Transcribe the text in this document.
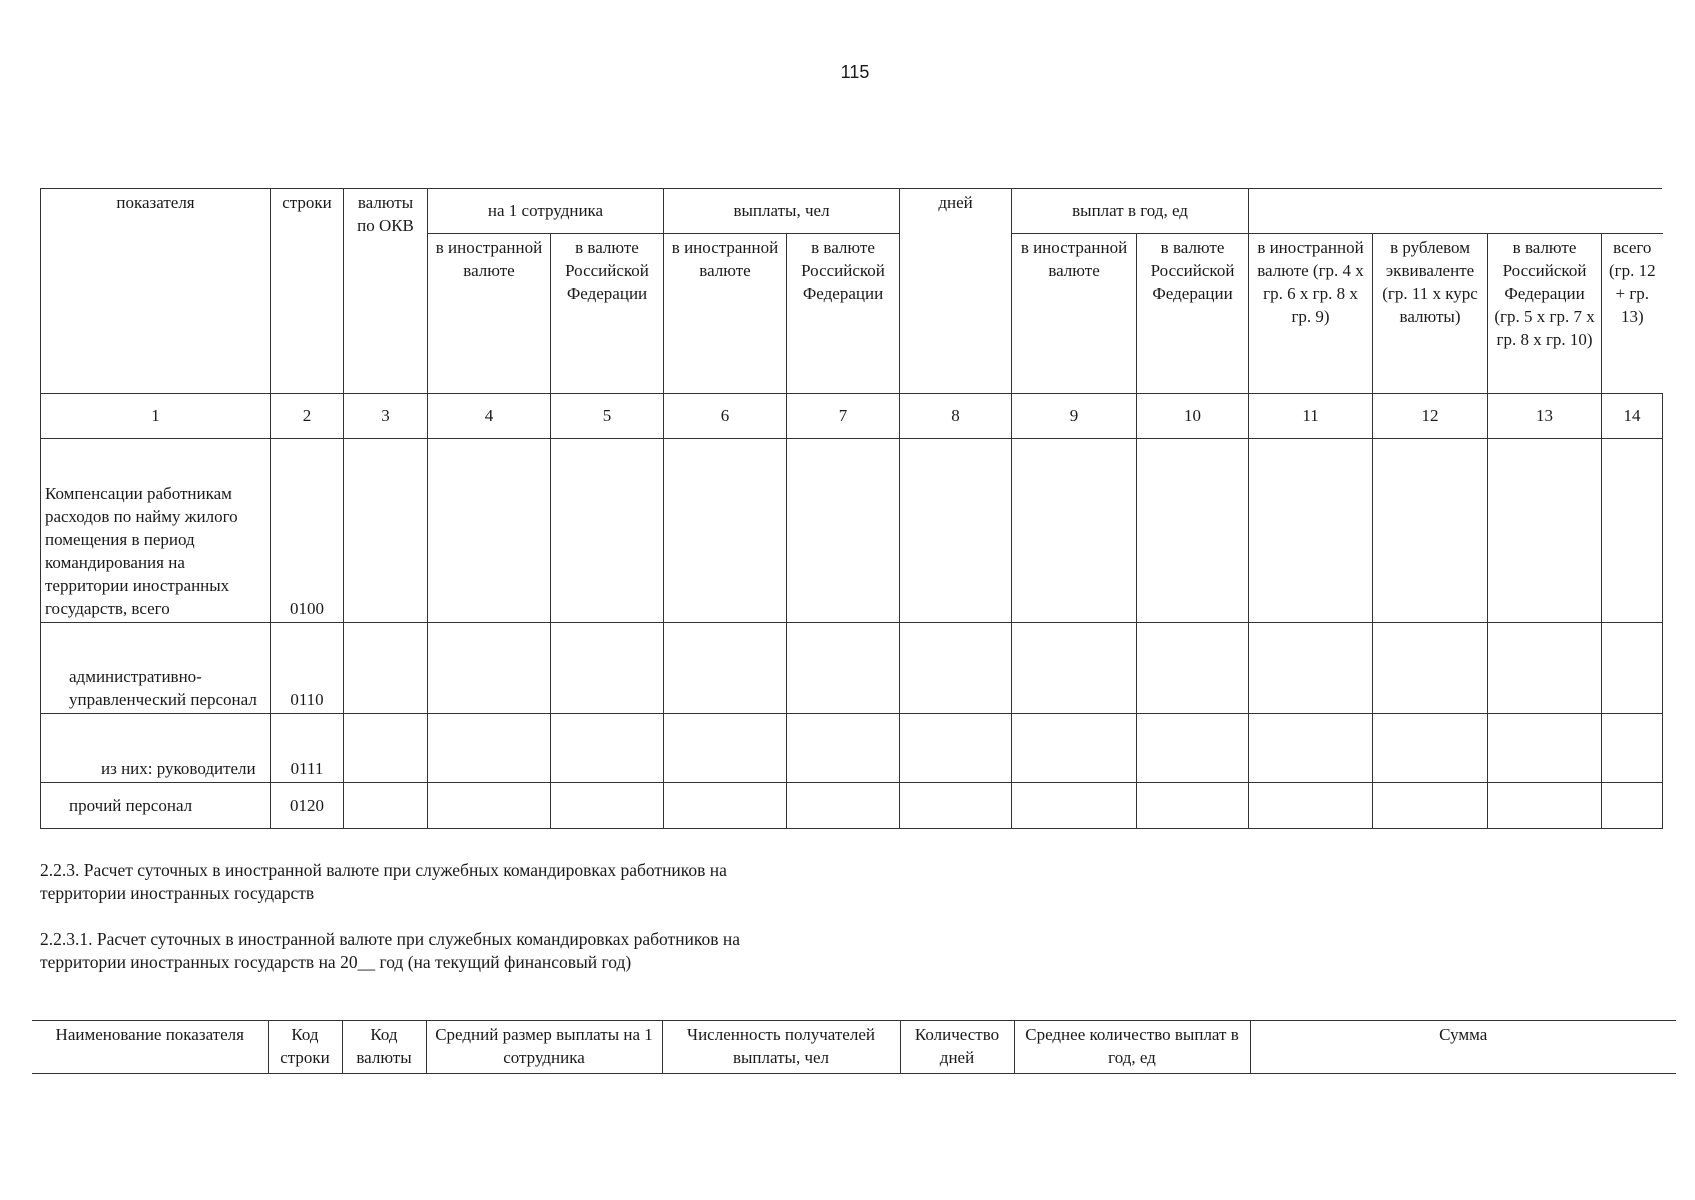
115
показателя	строки	валюты по ОКВ	на 1 сотрудника		выплаты, чел		дней	выплат в год, ед					
			в иностранной валюте	в валюте Российской Федерации	в иностранной валюте	в валюте Российской Федерации		в иностранной валюте	в валюте Российской Федерации	в иностранной валюте (гр. 4 x гр. 6 x гр. 8 x гр. 9)	в рублевом эквиваленте (гр. 11 x курс валюты)	в валюте Российской Федерации (гр. 5 x гр. 7 x гр. 8 x гр. 10)	всего (гр. 12 + гр. 13)
1	2	3	4	5	6	7	8	9	10	11	12	13	14
Компенсации работникам расходов по найму жилого помещения в период командирования на территории иностранных государств, всего	0100												
административно-управленческий персонал	0110												
из них: руководители	0111												
прочий персонал	0120												
2.2.3. Расчет суточных в иностранной валюте при служебных командировках работников на территории иностранных государств
2.2.3.1. Расчет суточных в иностранной валюте при служебных командировках работников на территории иностранных государств на 20__ год (на текущий финансовый год)
Наименование показателя	Код строки	Код валюты	Средний размер выплаты на 1 сотрудника	Численность получателей выплаты, чел	Количество дней	Среднее количество выплат в год, ед	Сумма
